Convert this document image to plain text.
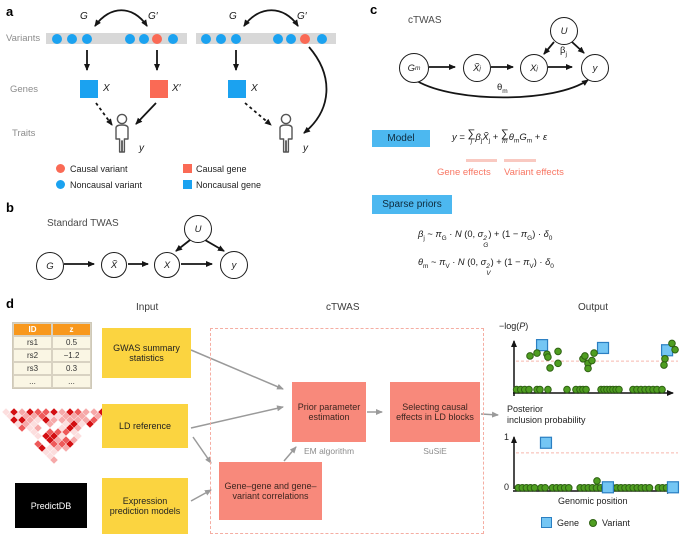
a
Variants
Genes
Traits
G	G′	G	G′
X	X′	X
y	y
Causal variant
Noncausal variant
Causal gene
Noncausal gene
b
Standard TWAS
G	X̃	X	y
U
c
cTWAS
G m	X̃ j	X j	y
U
$\beta_j$
$\theta_m$
Model	y = ∑
j $\beta_jX̃_j$ + ∑
m $\theta_mG_m + \varepsilon$
Gene effects Variant effects
Sparse priors
$\beta_j$ ~ $\pi_G \cdot N$ (0, σ 2
G
) + $(1 - \pi_G) \cdot \delta_0$
$\theta_m$ ~ $\pi_V \cdot N$ (0, σ 2
V
) + $(1 - \pi_V) \cdot \delta_0$
d	Input	cTWAS	Output
ID	z
rs1	0.5
rs2	−1.2
rs3	0.3
...	...
GWAS summary statistics
LD reference
PredictDB	Expression prediction models
Prior parameter estimation
EM algorithm
Selecting causal effects in LD blocks
SuSiE
Gene–gene and gene–variant correlations
−log(P)
Posterior
inclusion probability
1
0
Genomic position
Gene	Variant
